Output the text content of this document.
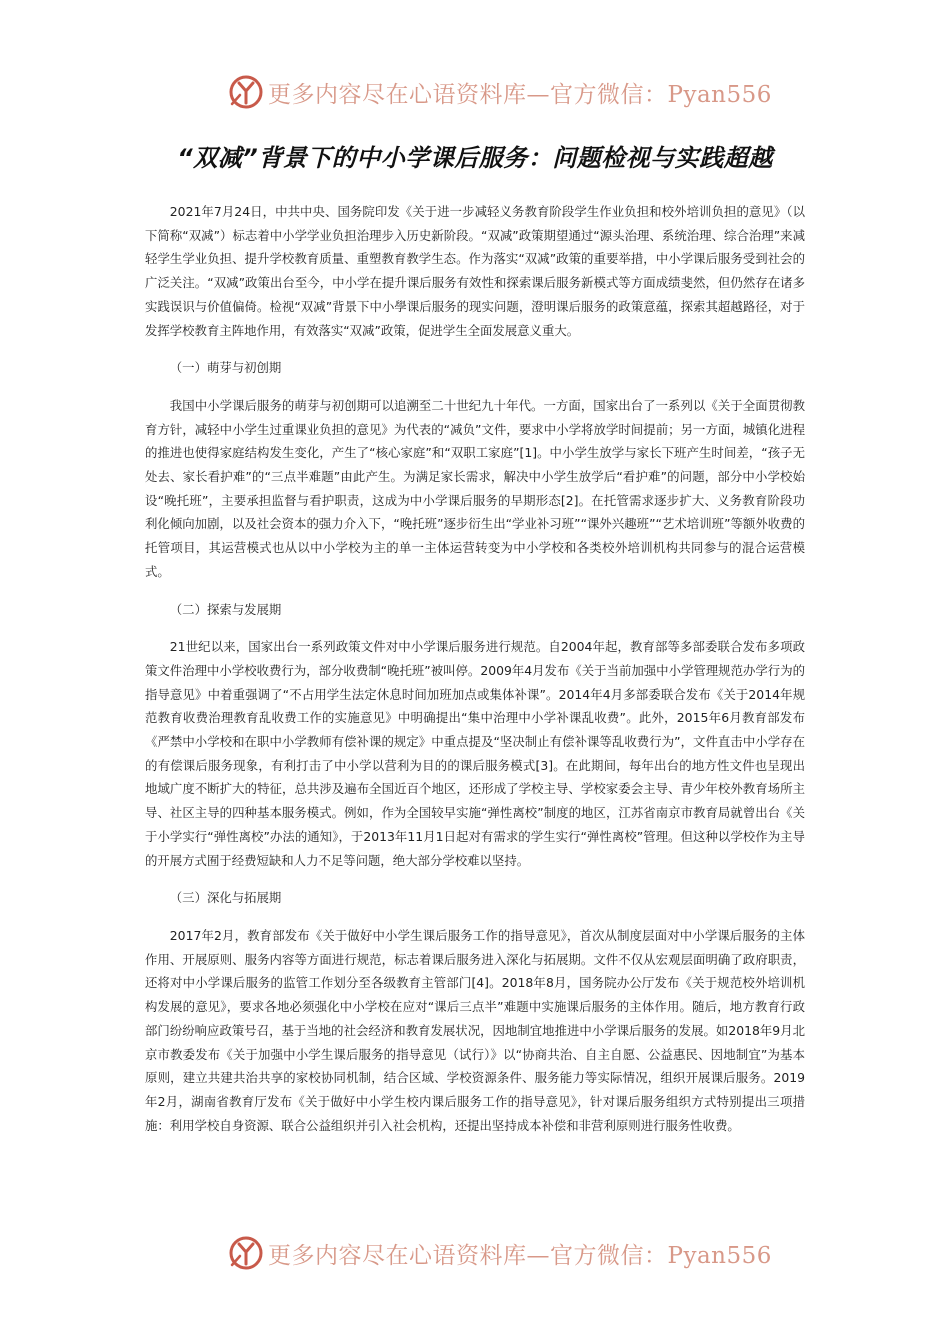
更多内容尽在心语资料库—官方微信：Pyan556
“双减”背景下的中小学课后服务：问题检视与实践超越

2021年7月24日，中共中央、国务院印发《关于进一步减轻义务教育阶段学生作业负担和校外培训负担的意见》（以下简称“双减”）标志着中小学学业负担治理步入历史新阶段。“双减”政策期望通过“源头治理、系统治理、综合治理”来减轻学生学业负担、提升学校教育质量、重塑教育教学生态。作为落实“双减”政策的重要举措，中小学课后服务受到社会的广泛关注。“双减”政策出台至今，中小学在提升课后服务有效性和探索课后服务新模式等方面成绩斐然，但仍然存在诸多实践误识与价值偏倚。检视“双减”背景下中小學课后服务的现实问题，澄明课后服务的政策意蕴，探索其超越路径，对于发挥学校教育主阵地作用，有效落实“双减”政策，促进学生全面发展意义重大。

（一）萌芽与初创期

我国中小学课后服务的萌芽与初创期可以追溯至二十世纪九十年代。一方面，国家出台了一系列以《关于全面贯彻教育方针，减轻中小学生过重课业负担的意见》为代表的“减负”文件，要求中小学将放学时间提前；另一方面，城镇化进程的推进也使得家庭结构发生变化，产生了“核心家庭”和“双职工家庭”[1]。中小学生放学与家长下班产生时间差，“孩子无处去、家长看护难”的“三点半难题”由此产生。为满足家长需求，解决中小学生放学后“看护难”的问题，部分中小学校始设“晚托班”，主要承担监督与看护职责，这成为中小学课后服务的早期形态[2]。在托管需求逐步扩大、义务教育阶段功利化倾向加剧，以及社会资本的强力介入下，“晚托班”逐步衍生出“学业补习班”“课外兴趣班”“艺术培训班”等额外收费的托管项目，其运营模式也从以中小学校为主的单一主体运营转变为中小学校和各类校外培训机构共同参与的混合运营模式。

（二）探索与发展期

21世纪以来，国家出台一系列政策文件对中小学课后服务进行规范。自2004年起，教育部等多部委联合发布多项政策文件治理中小学校收费行为，部分收费制“晚托班”被叫停。2009年4月发布《关于当前加强中小学管理规范办学行为的指导意见》中着重强调了“不占用学生法定休息时间加班加点或集体补课”。2014年4月多部委联合发布《关于2014年规范教育收费治理教育乱收费工作的实施意见》中明确提出“集中治理中小学补课乱收费”。此外，2015年6月教育部发布《严禁中小学校和在职中小学教师有偿补课的规定》中重点提及“坚决制止有偿补课等乱收费行为”，文件直击中小学存在的有偿课后服务现象，有利打击了中小学以营利为目的的课后服务模式[3]。在此期间，每年出台的地方性文件也呈现出地域广度不断扩大的特征，总共涉及遍布全国近百个地区，还形成了学校主导、学校家委会主导、青少年校外教育场所主导、社区主导的四种基本服务模式。例如，作为全国较早实施“弹性离校”制度的地区，江苏省南京市教育局就曾出台《关于小学实行“弹性离校”办法的通知》，于2013年11月1日起对有需求的学生实行“弹性离校”管理。但这种以学校作为主导的开展方式囿于经费短缺和人力不足等问题，绝大部分学校难以坚持。

（三）深化与拓展期

2017年2月，教育部发布《关于做好中小学生课后服务工作的指导意见》，首次从制度层面对中小学课后服务的主体作用、开展原则、服务内容等方面进行规范，标志着课后服务进入深化与拓展期。文件不仅从宏观层面明确了政府职责，还将对中小学课后服务的监管工作划分至各级教育主管部门[4]。2018年8月，国务院办公厅发布《关于规范校外培训机构发展的意见》，要求各地必须强化中小学校在应对“课后三点半”难题中实施课后服务的主体作用。随后，地方教育行政部门纷纷响应政策号召，基于当地的社会经济和教育发展状况，因地制宜地推进中小学课后服务的发展。如2018年9月北京市教委发布《关于加强中小学生课后服务的指导意见（试行）》以“协商共治、自主自愿、公益惠民、因地制宜”为基本原则，建立共建共治共享的家校协同机制，结合区域、学校资源条件、服务能力等实际情况，组织开展课后服务。2019年2月，湖南省教育厅发布《关于做好中小学生校内课后服务工作的指导意见》，针对课后服务组织方式特别提出三项措施：利用学校自身资源、联合公益组织并引入社会机构，还提出坚持成本补偿和非营利原则进行服务性收费。

更多内容尽在心语资料库—官方微信：Pyan556
